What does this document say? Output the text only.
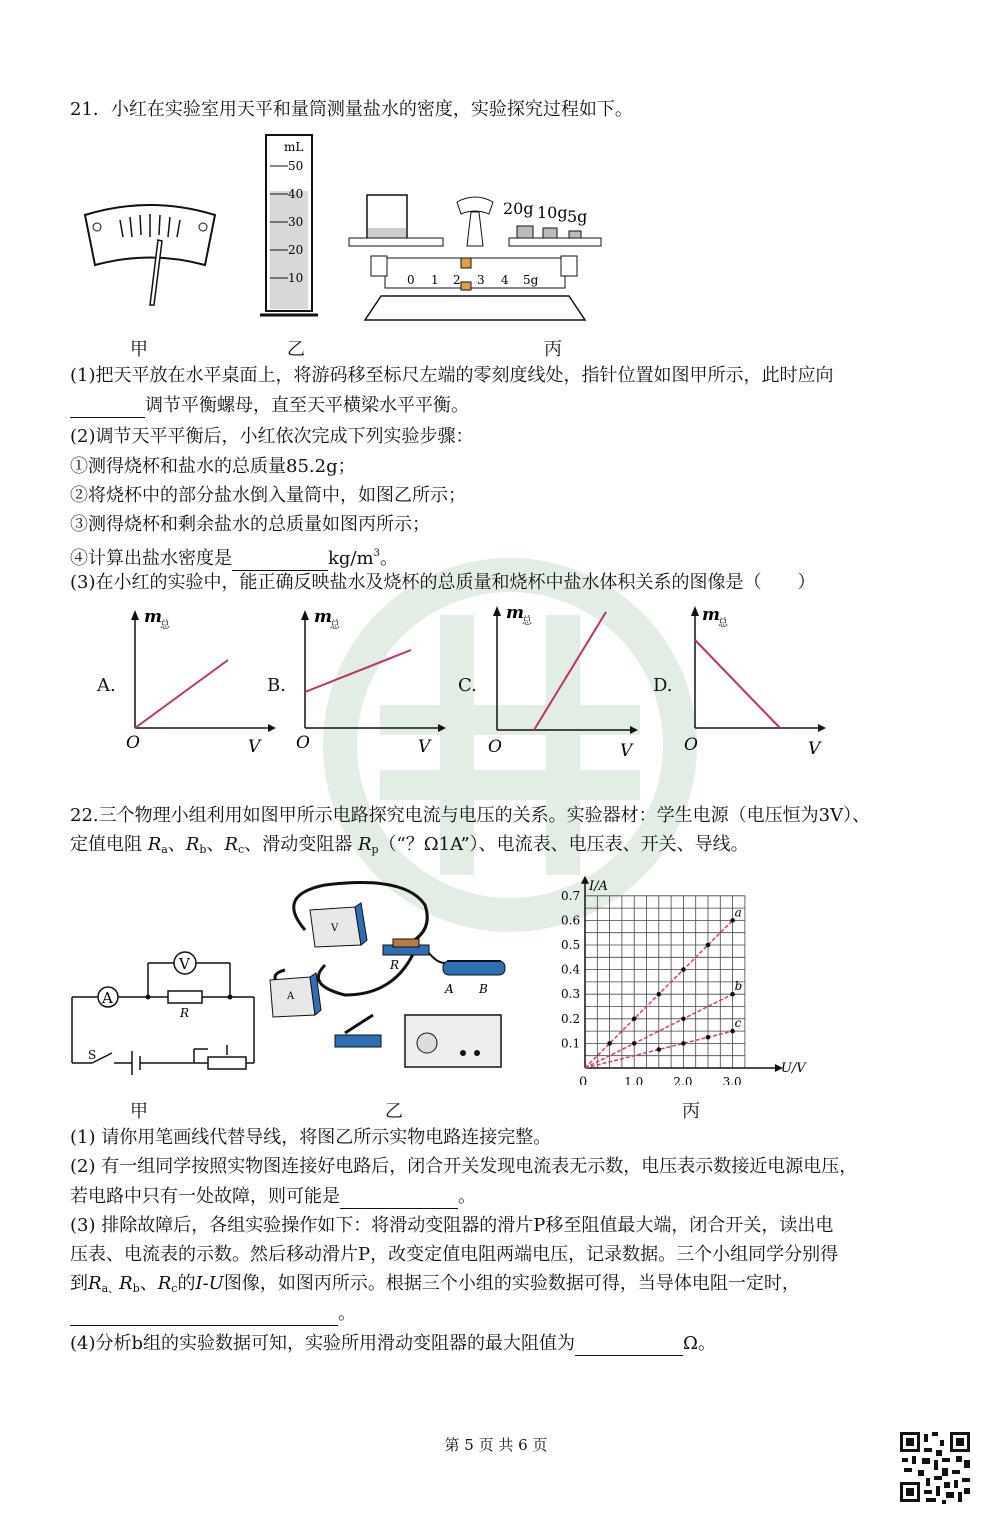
21．小红在实验室用天平和量筒测量盐水的密度，实验探究过程如下。
mL
50
40
30
20
10
20g 10g 5g
0 1 2 3 4 5g
甲	乙	丙
(1)把天平放在水平桌面上，将游码移至标尺左端的零刻度线处，指针位置如图甲所示，此时应向
调节平衡螺母，直至天平横梁水平平衡。
(2)调节天平平衡后，小红依次完成下列实验步骤：
①测得烧杯和盐水的总质量85.2g；
②将烧杯中的部分盐水倒入量筒中，如图乙所示；
③测得烧杯和剩余盐水的总质量如图丙所示；
④计算出盐水密度是	$kg/m^3$。
(3)在小红的实验中，能正确反映盐水及烧杯的总质量和烧杯中盐水体积关系的图像是（　　）
A.	B.	C.	D.
m
总
O	V
m
总
O	V
m
总
O	V
m
总
O	V
22.三个物理小组利用如图甲所示电路探究电流与电压的关系。实验器材：学生电源（电压恒为3V）、
定值电阻 $R_a$、$R_b$、$R_c$、滑动变阻器 $R_p(“$？Ω1A”）、电流表、电压表、开关、导线。
A
V
R
S
V
A
R
A B
I/A
U/V
0
0.7
0.6
0.5
0.4
0.3
0.2
0.1
1.0	2.0	3.0
a
b
c
甲	乙	丙
(1) 请你用笔画线代替导线，将图乙所示实物电路连接完整。
(2) 有一组同学按照实物图连接好电路后，闭合开关发现电流表无示数，电压表示数接近电源电压，
若电路中只有一处故障，则可能是	。
(3) 排除故障后，各组实验操作如下：将滑动变阻器的滑片P移至阻值最大端，闭合开关，读出电
压表、电流表的示数。然后移动滑片P，改变定值电阻两端电压，记录数据。三个小组同学分别得
到$R_{a、}R_b$、$R_c$的I-U图像，如图丙所示。根据三个小组的实验数据可得，当导体电阻一定时，
。
(4)分析b组的实验数据可知，实验所用滑动变阻器的最大阻值为	Ω。
第 5 页 共 6 页
